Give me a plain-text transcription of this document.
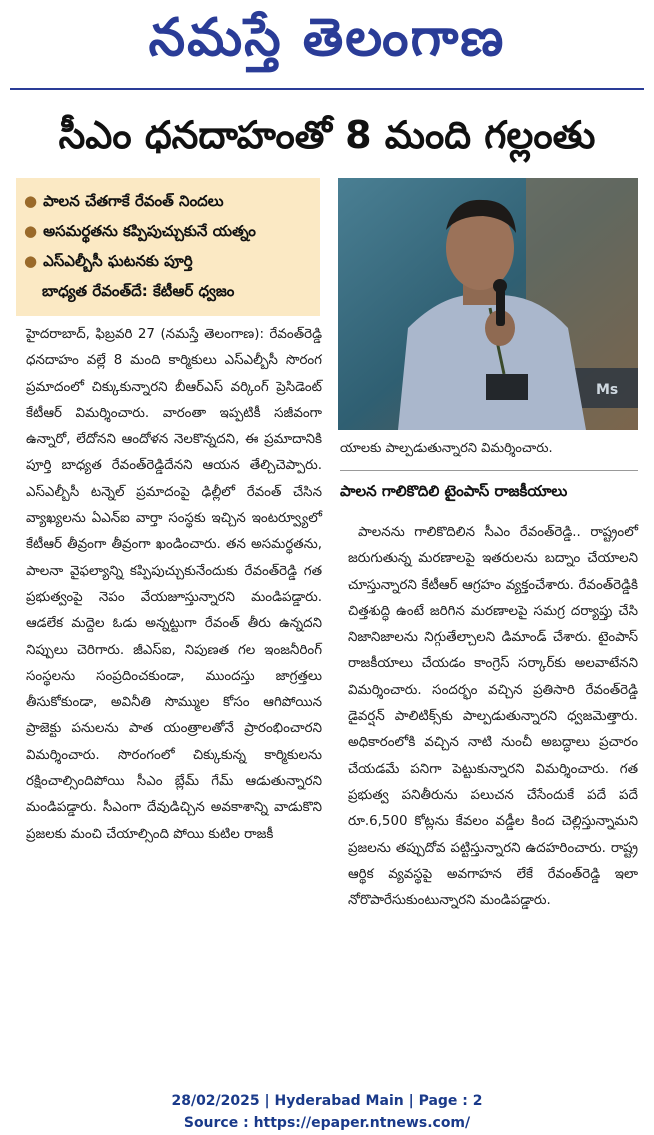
నమస్తే తెలంగాణ
సీఎం ధనదాహంతో 8 మంది గల్లంతు
● పాలన చేతగాకే రేవంత్ నిందలు
● అసమర్థతను కప్పిపుచ్చుకునే యత్నం
● ఎస్ఎల్బీసీ ఘటనకు పూర్తి
బాధ్యత రేవంత్‌దే: కేటీఆర్ ధ్వజం
Ms
యాలకు పాల్పడుతున్నారని విమర్శించారు.

హైదరాబాద్, ఫిబ్రవరి 27 (నమస్తే తెలంగాణ): రేవంత్‌రెడ్డి ధనదాహం వల్లే 8 మంది కార్మికులు ఎస్ఎల్బీసీ సొరంగ ప్రమాదంలో చిక్కుకున్నారని బీఆర్ఎస్ వర్కింగ్ ప్రెసిడెంట్ కేటీఆర్ విమర్శించారు. వారంతా ఇప్పటికీ సజీవంగా ఉన్నారో, లేదోనని ఆందోళన నెలకొన్నదని, ఈ ప్రమాదానికి పూర్తి బాధ్యత రేవంత్‌రెడ్డిదేనని ఆయన తేల్చిచెప్పారు. ఎస్ఎల్బీసీ టన్నెల్ ప్రమాదంపై ఢిల్లీలో రేవంత్ చేసిన వ్యాఖ్యలను ఏఎన్ఐ వార్తా సంస్థకు ఇచ్చిన ఇంటర్వ్యూలో కేటీఆర్ తీవ్రంగా తీవ్రంగా ఖండించారు. తన అసమర్థతను, పాలనా వైఫల్యాన్ని కప్పిపుచ్చుకునేందుకు రేవంత్‌రెడ్డి గత ప్రభుత్వంపై నెపం వేయజూస్తున్నారని మండిపడ్డారు. ఆడలేక మద్దెల ఓడు అన్నట్టుగా రేవంత్ తీరు ఉన్నదని నిప్పులు చెరిగారు. జీఎస్ఐ, నిపుణత గల ఇంజనీరింగ్ సంస్థలను సంప్రదించకుండా, ముందస్తు జాగ్రత్తలు తీసుకోకుండా, అవినీతి సొమ్ముల కోసం ఆగిపోయిన ప్రాజెక్టు పనులను పాత యంత్రాలతోనే ప్రారంభించారని విమర్శించారు. సొరంగంలో చిక్కుకున్న కార్మికులను రక్షించాల్సిందిపోయి సీఎం బ్లేమ్ గేమ్ ఆడుతున్నారని మండిపడ్డారు. సీఎంగా దేవుడిచ్చిన అవకాశాన్ని వాడుకొని ప్రజలకు మంచి చేయాల్సింది పోయి కుటిల రాజకీ

పాలన గాలికొదిలి టైంపాస్ రాజకీయాలు

పాలనను గాలికొదిలిన సీఎం రేవంత్‌రెడ్డి.. రాష్ట్రంలో జరుగుతున్న మరణాలపై ఇతరులను బద్నాం చేయాలని చూస్తున్నారని కేటీఆర్ ఆగ్రహం వ్యక్తంచేశారు. రేవంత్‌రెడ్డికి చిత్తశుద్ధి ఉంటే జరిగిన మరణాలపై సమగ్ర దర్యాప్తు చేసి నిజానిజాలను నిగ్గుతేల్చాలని డిమాండ్ చేశారు. టైంపాస్ రాజకీయాలు చేయడం కాంగ్రెస్ సర్కార్‌కు అలవాటేనని విమర్శించారు. సందర్భం వచ్చిన ప్రతిసారి రేవంత్‌రెడ్డి డైవర్షన్ పాలిటిక్స్‌కు పాల్పడుతున్నారని ధ్వజమెత్తారు. అధికారంలోకి వచ్చిన నాటి నుంచీ అబద్ధాలు ప్రచారం చేయడమే పనిగా పెట్టుకున్నారని విమర్శించారు. గత ప్రభుత్వ పనితీరును పలుచన చేసేందుకే పదే పదే రూ.6,500 కోట్లను కేవలం వడ్డీల కింద చెల్లిస్తున్నామని ప్రజలను తప్పుదోవ పట్టిస్తున్నారని ఉదహరించారు. రాష్ట్ర ఆర్థిక వ్యవస్థపై అవగాహన లేకే రేవంత్‌రెడ్డి ఇలా నోరొపారేసుకుంటున్నారని మండిపడ్డారు.

28/02/2025 | Hyderabad Main | Page : 2
Source : https://epaper.ntnews.com/
